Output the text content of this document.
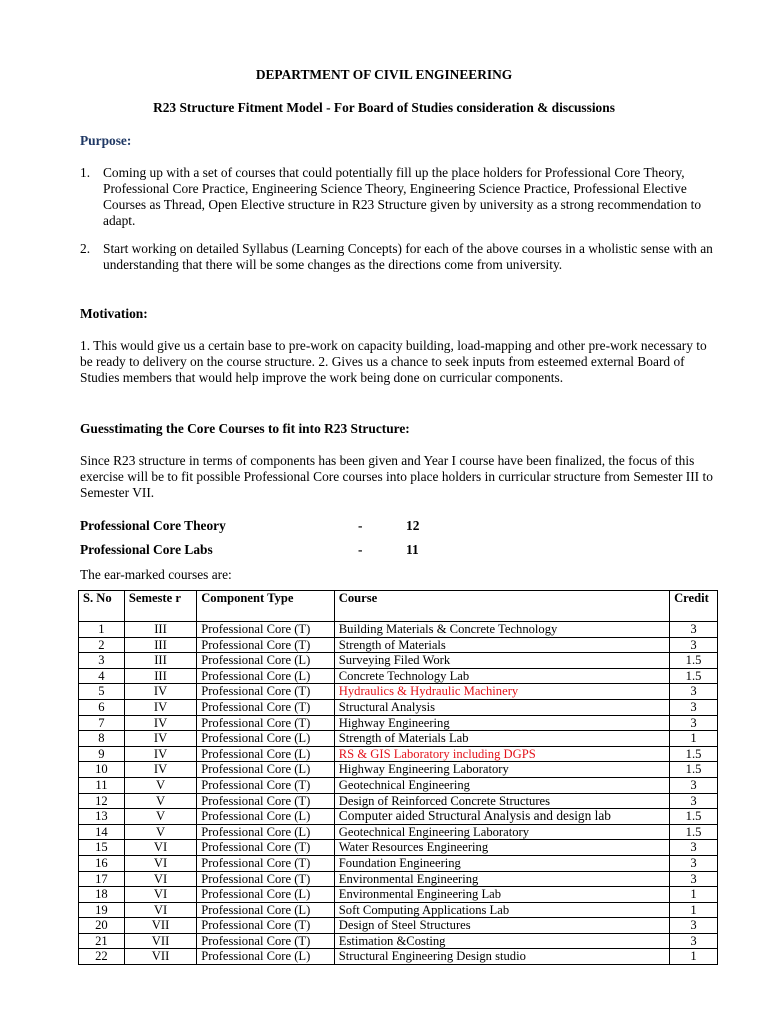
DEPARTMENT OF CIVIL ENGINEERING
R23 Structure Fitment Model - For Board of Studies consideration & discussions
Purpose:
1. Coming up with a set of courses that could potentially fill up the place holders for Professional Core Theory, Professional Core Practice, Engineering Science Theory, Engineering Science Practice, Professional Elective Courses as Thread, Open Elective structure in R23 Structure given by university as a strong recommendation to adapt.
2. Start working on detailed Syllabus (Learning Concepts) for each of the above courses in a wholistic sense with an understanding that there will be some changes as the directions come from university.
Motivation:
1. This would give us a certain base to pre-work on capacity building, load-mapping and other pre-work necessary to be ready to delivery on the course structure. 2. Gives us a chance to seek inputs from esteemed external Board of Studies members that would help improve the work being done on curricular components.
Guesstimating the Core Courses to fit into R23 Structure:
Since R23 structure in terms of components has been given and Year I course have been finalized, the focus of this exercise will be to fit possible Professional Core courses into place holders in curricular structure from Semester III to Semester VII.
Professional Core Theory	-	12
Professional Core Labs	-	11
The ear-marked courses are:
S. No	Semeste r	Component Type	Course	Credit
1	III	Professional Core (T)	Building Materials & Concrete Technology	3
2	III	Professional Core (T)	Strength of Materials	3
3	III	Professional Core (L)	Surveying Filed Work	1.5
4	III	Professional Core (L)	Concrete Technology Lab	1.5
5	IV	Professional Core (T)	Hydraulics & Hydraulic Machinery	3
6	IV	Professional Core (T)	Structural Analysis	3
7	IV	Professional Core (T)	Highway Engineering	3
8	IV	Professional Core (L)	Strength of Materials Lab	1
9	IV	Professional Core (L)	RS & GIS Laboratory including DGPS	1.5
10	IV	Professional Core (L)	Highway Engineering Laboratory	1.5
11	V	Professional Core (T)	Geotechnical Engineering	3
12	V	Professional Core (T)	Design of Reinforced Concrete Structures	3
13	V	Professional Core (L)	Computer aided Structural Analysis and design lab	1.5
14	V	Professional Core (L)	Geotechnical Engineering Laboratory	1.5
15	VI	Professional Core (T)	Water Resources Engineering	3
16	VI	Professional Core (T)	Foundation Engineering	3
17	VI	Professional Core (T)	Environmental Engineering	3
18	VI	Professional Core (L)	Environmental Engineering Lab	1
19	VI	Professional Core (L)	Soft Computing Applications Lab	1
20	VII	Professional Core (T)	Design of Steel Structures	3
21	VII	Professional Core (T)	Estimation &Costing	3
22	VII	Professional Core (L)	Structural Engineering Design studio	1
